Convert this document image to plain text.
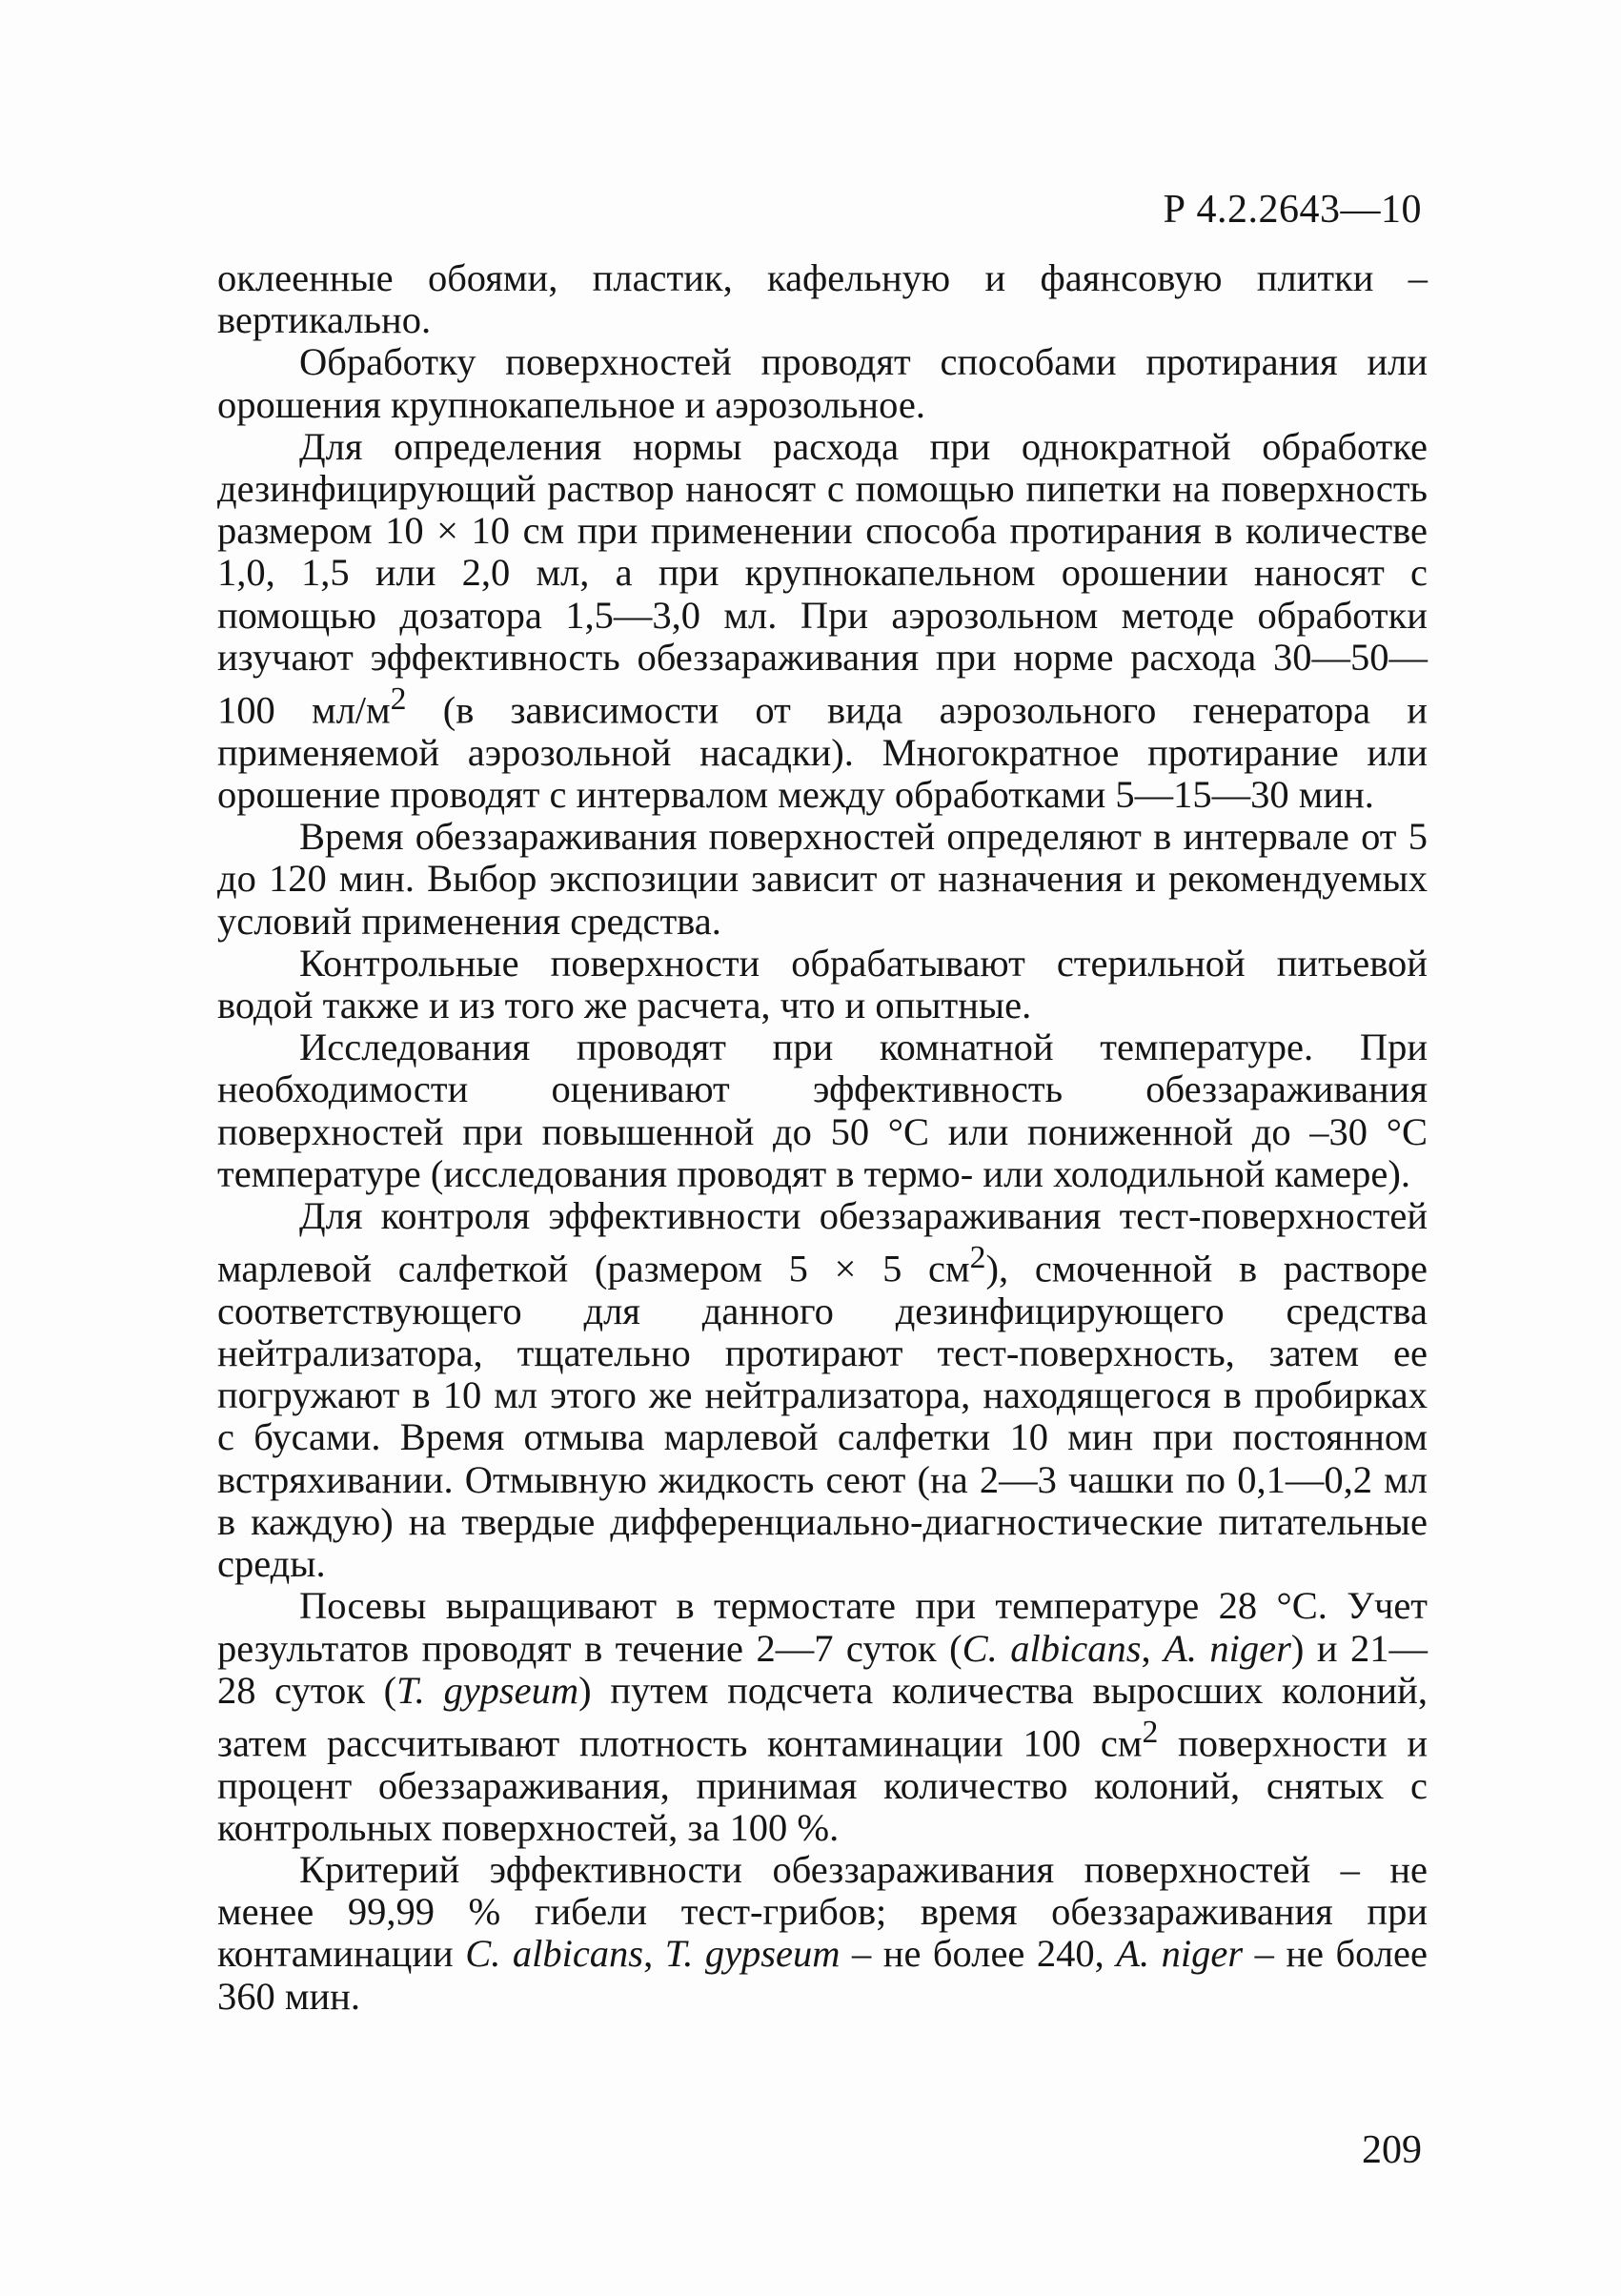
Р 4.2.2643—10

оклеенные обоями, пластик, кафельную и фаянсовую плитки – вертикально.

Обработку поверхностей проводят способами протирания или орошения крупнокапельное и аэрозольное.

Для определения нормы расхода при однократной обработке дезинфицирующий раствор наносят с помощью пипетки на поверхность размером 10 × 10 см при применении способа протирания в количестве 1,0, 1,5 или 2,0 мл, а при крупнокапельном орошении наносят с помощью дозатора 1,5—3,0 мл. При аэрозольном методе обработки изучают эффективность обеззараживания при норме расхода 30—50—100 $мл/м^2$ (в зависимости от вида аэрозольного генератора и применяемой аэрозольной насадки). Многократное протирание или орошение проводят с интервалом между обработками 5—15—30 мин.

Время обеззараживания поверхностей определяют в интервале от 5 до 120 мин. Выбор экспозиции зависит от назначения и рекомендуемых условий применения средства.

Контрольные поверхности обрабатывают стерильной питьевой водой также и из того же расчета, что и опытные.

Исследования проводят при комнатной температуре. При необходимости оценивают эффективность обеззараживания поверхностей при повышенной до 50 °С или пониженной до –30 °С температуре (исследования проводят в термо- или холодильной камере).

Для контроля эффективности обеззараживания тест-поверхностей марлевой салфеткой (размером 5 × 5 $см^2$), смоченной в растворе соответствующего для данного дезинфицирующего средства нейтрализатора, тщательно протирают тест-поверхность, затем ее погружают в 10 мл этого же нейтрализатора, находящегося в пробирках с бусами. Время отмыва марлевой салфетки 10 мин при постоянном встряхивании. Отмывную жидкость сеют (на 2—3 чашки по 0,1—0,2 мл в каждую) на твердые дифференциально-диагностические питательные среды.

Посевы выращивают в термостате при температуре 28 °С. Учет результатов проводят в течение 2—7 суток (C. albicans, A. niger) и 21—28 суток (T. gypseum) путем подсчета количества выросших колоний, затем рассчитывают плотность контаминации 100 $см^2$ поверхности и процент обеззараживания, принимая количество колоний, снятых с контрольных поверхностей, за 100 %.

Критерий эффективности обеззараживания поверхностей – не менее 99,99 % гибели тест-грибов; время обеззараживания при контаминации C. albicans, T. gypseum – не более 240, A. niger – не более 360 мин.

209
